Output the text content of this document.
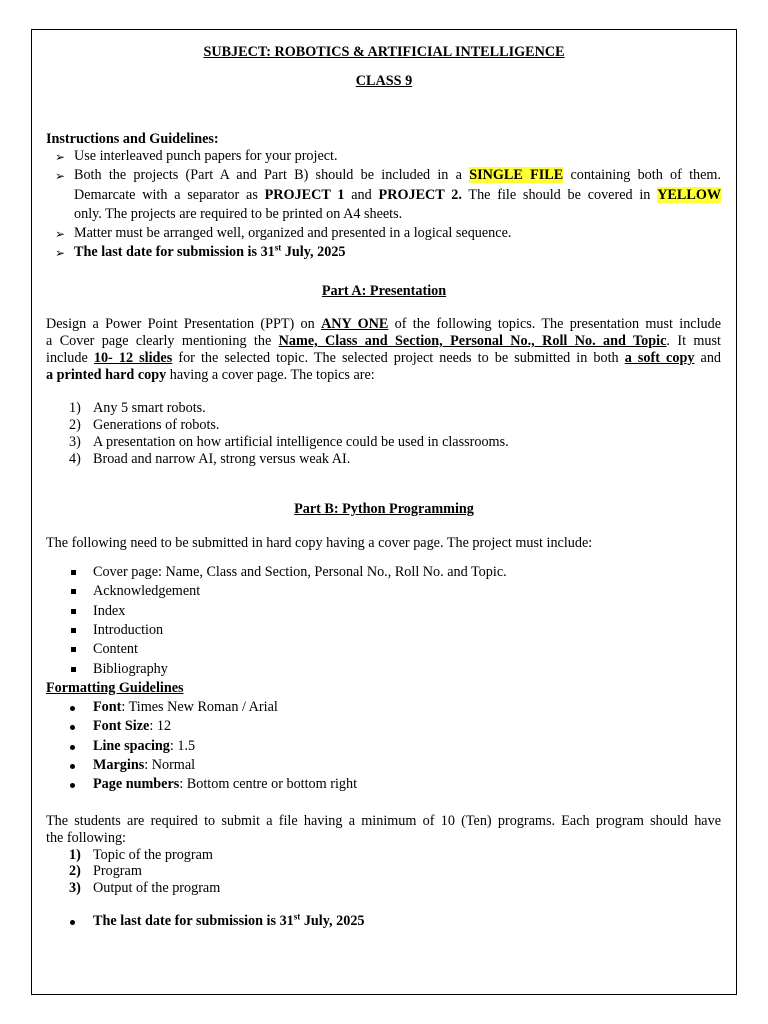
SUBJECT: ROBOTICS & ARTIFICIAL INTELLIGENCE
CLASS 9
Instructions and Guidelines:
➢ Use interleaved punch papers for your project.
➢ Both the projects (Part A and Part B) should be included in a SINGLE FILE containing both of them.
Demarcate with a separator as PROJECT 1 and PROJECT 2. The file should be covered in YELLOW
only. The projects are required to be printed on A4 sheets.
➢ Matter must be arranged well, organized and presented in a logical sequence.
➢ The last date for submission is 31st July, 2025
Part A: Presentation
Design a Power Point Presentation (PPT) on ANY ONE of the following topics. The presentation must include
a Cover page clearly mentioning the Name, Class and Section, Personal No., Roll No. and Topic. It must
include 10- 12 slides for the selected topic. The selected project needs to be submitted in both a soft copy and
a printed hard copy having a cover page. The topics are:
1) Any 5 smart robots.
2) Generations of robots.
3) A presentation on how artificial intelligence could be used in classrooms.
4) Broad and narrow AI, strong versus weak AI.
Part B: Python Programming
The following need to be submitted in hard copy having a cover page. The project must include:
Cover page: Name, Class and Section, Personal No., Roll No. and Topic.
Acknowledgement
Index
Introduction
Content
Bibliography
Formatting Guidelines
Font: Times New Roman / Arial
Font Size: 12
Line spacing: 1.5
Margins: Normal
Page numbers: Bottom centre or bottom right
The students are required to submit a file having a minimum of 10 (Ten) programs. Each program should have
the following:
1) Topic of the program
2) Program
3) Output of the program
The last date for submission is 31st July, 2025
